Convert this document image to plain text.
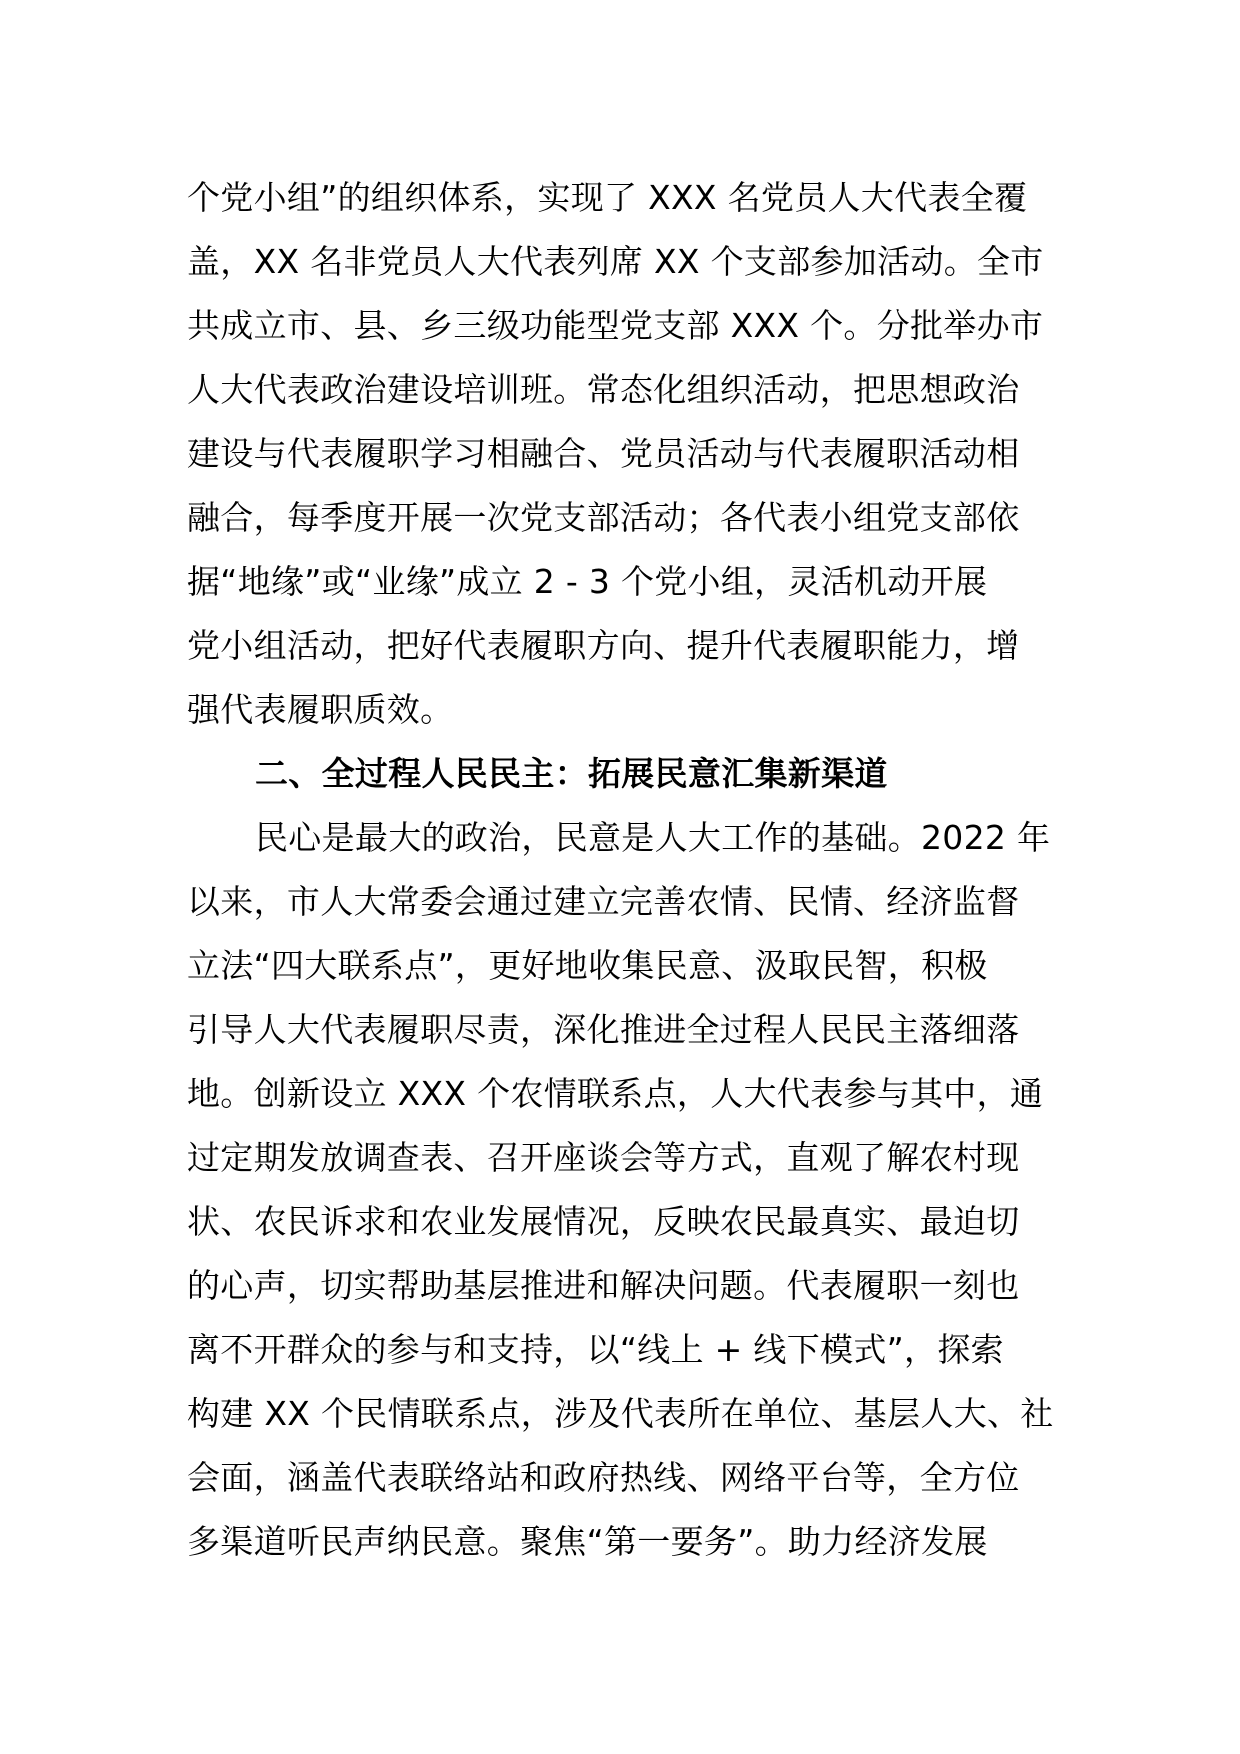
个党小组”的组织体系，实现了 XXX 名党员人大代表全覆
盖，XX 名非党员人大代表列席 XX 个支部参加活动。全市
共成立市、县、乡三级功能型党支部 XXX 个。分批举办市
人大代表政治建设培训班。常态化组织活动，把思想政治
建设与代表履职学习相融合、党员活动与代表履职活动相
融合，每季度开展一次党支部活动；各代表小组党支部依
据“地缘”或“业缘”成立 2 - 3 个党小组，灵活机动开展
党小组活动，把好代表履职方向、提升代表履职能力，增
强代表履职质效。
二、全过程人民民主：拓展民意汇集新渠道
民心是最大的政治，民意是人大工作的基础。2022 年
以来，市人大常委会通过建立完善农情、民情、经济监督
立法“四大联系点”，更好地收集民意、汲取民智，积极
引导人大代表履职尽责，深化推进全过程人民民主落细落
地。创新设立 XXX 个农情联系点，人大代表参与其中，通
过定期发放调查表、召开座谈会等方式，直观了解农村现
状、农民诉求和农业发展情况，反映农民最真实、最迫切
的心声，切实帮助基层推进和解决问题。代表履职一刻也
离不开群众的参与和支持，以“线上 + 线下模式”，探索
构建 XX 个民情联系点，涉及代表所在单位、基层人大、社
会面，涵盖代表联络站和政府热线、网络平台等，全方位
多渠道听民声纳民意。聚焦“第一要务”。助力经济发展
